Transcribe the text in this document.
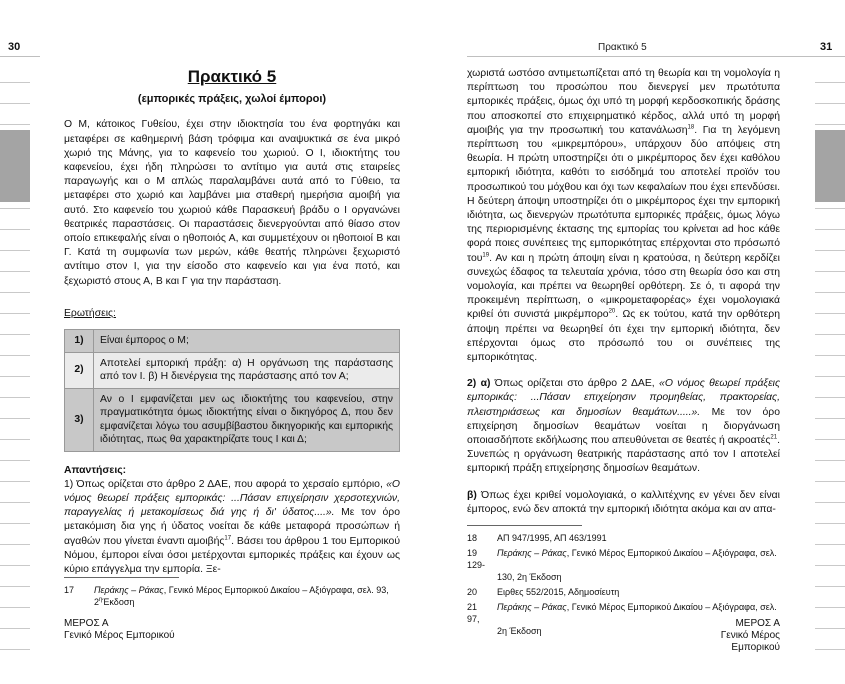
30	Πρακτικό 5	31
Πρακτικό 5
(εμπορικές πράξεις, χωλοί έμποροι)

Ο Μ, κάτοικος Γυθείου, έχει στην ιδιοκτησία του ένα φορτηγάκι και μεταφέρει σε καθημερινή βάση τρόφιμα και αναψυκτικά σε ένα μικρό χωριό της Μάνης, για το καφενείο του χωριού. Ο Ι, ιδιοκτήτης του καφενείου, έχει ήδη πληρώσει το αντίτιμο για αυτά στις εταιρείες παραγωγής και ο Μ απλώς παραλαμβάνει αυτά από το Γύθειο, τα μεταφέρει στο χωριό και λαμβάνει μια σταθερή ημερήσια αμοιβή για αυτό. Στο καφενείο του χωριού κάθε Παρασκευή βράδυ ο Ι οργανώνει θεατρικές παραστάσεις. Οι παραστάσεις διενεργούνται από θίασο στον οποίο επικεφαλής είναι ο ηθοποιός Α, και συμμετέχουν οι ηθοποιοί Β και Γ. Κατά τη συμφωνία των μερών, κάθε θεατής πληρώνει ξεχωριστό αντίτιμο στον Ι, για την είσοδο στο καφενείο και για ένα ποτό, και ξεχωριστό στους Α, Β και Γ για την παράσταση.

Ερωτήσεις:
1)	Είναι έμπορος ο Μ;
2)	Αποτελεί εμπορική πράξη: α) Η οργάνωση της παράστασης από τον Ι. β) Η διενέργεια της παράστασης από τον Α;
3)	Αν ο Ι εμφανίζεται μεν ως ιδιοκτήτης του καφενείου, στην πραγματικότητα όμως ιδιοκτήτης είναι ο δικηγόρος Δ, που δεν εμφανίζεται λόγω του ασυμβίβαστου δικηγορικής και εμπορικής ιδιότητας, πως θα χαρακτηρίζατε τους Ι και Δ;
Απαντήσεις:

1) Όπως ορίζεται στο άρθρο 2 ΔΑΕ, που αφορά το χερσαίο εμπόριο, «Ο νόμος θεωρεί πράξεις εμπορικάς: ...Πάσαν επιχείρησιν χερσοτεχνιών, παραγγελίας ή μετακομίσεως διά γης ή δι' ύδατος....». Με τον όρο μετακόμιση δια γης ή ύδατος νοείται δε κάθε μεταφορά προσώπων ή αγαθών που γίνεται έναντι αμοιβής$^{17}$. Βάσει του άρθρου 1 του Εμπορικού Νόμου, έμποροι είναι όσοι μετέρχονται εμπορικές πράξεις και έχουν ως κύριο επάγγελμα την εμπορία. Ξε-

17 Περάκης – Ράκας, Γενικό Μέρος Εμπορικού Δικαίου – Αξιόγραφα, σελ. 93,
$2^\eta Έ\kappa\delta o\sigma\eta$
ΜΕΡΟΣ Α
Γενικό Μέρος Εμπορικού

χωριστά ωστόσο αντιμετωπίζεται από τη θεωρία και τη νομολογία η περίπτωση του προσώπου που διενεργεί μεν πρωτότυπα εμπορικές πράξεις, όμως όχι υπό τη μορφή κερδοσκοπικής δράσης που αποσκοπεί στο επιχειρηματικό κέρδος, αλλά υπό τη μορφή αμοιβής για την προσωπική του κατανάλωση$^{18}$. Για τη λεγόμενη περίπτωση του «μικρεμπόρου», υπάρχουν δύο απόψεις στη θεωρία. Η πρώτη υποστηρίζει ότι ο μικρέμπορος δεν έχει καθόλου εμπορική ιδιότητα, καθότι το εισόδημά του αποτελεί προϊόν του προσωπικού του μόχθου και όχι των κεφαλαίων που έχει επενδύσει. Η δεύτερη άποψη υποστηρίζει ότι ο μικρέμπορος έχει την εμπορική ιδιότητα, ως διενεργών πρωτότυπα εμπορικές πράξεις, όμως λόγω της περιορισμένης έκτασης της εμπορίας του κρίνεται ad hoc κάθε φορά ποιες συνέπειες της εμπορικότητας επέρχονται στο πρόσωπό του$^{19}$. Αν και η πρώτη άποψη είναι η κρατούσα, η δεύτερη κερδίζει συνεχώς έδαφος τα τελευταία χρόνια, τόσο στη θεωρία όσο και στη νομολογία, και πρέπει να θεωρηθεί ορθότερη. Σε ό, τι αφορά την προκειμένη περίπτωση, ο «μικρομεταφορέας» έχει νομολογιακά κριθεί ότι συνιστά μικρέμπορο$^{20}$. Ως εκ τούτου, κατά την ορθότερη άποψη πρέπει να θεωρηθεί ότι έχει την εμπορική ιδιότητα, δεν επέρχονται όμως στο πρόσωπό του οι συνέπειες της εμπορικότητας.

2) α) Όπως ορίζεται στο άρθρο 2 ΔΑΕ, «Ο νόμος θεωρεί πράξεις εμπορικάς: ...Πάσαν επιχείρησιν προμηθείας, πρακτορείας, πλειστηριάσεως και δημοσίων θεαμάτων.....». Με τον όρο επιχείρηση δημοσίων θεαμάτων νοείται η διοργάνωση οποιασδήποτε εκδήλωσης που απευθύνεται σε θεατές ή ακροατές$^{21}$. Συνεπώς η οργάνωση θεατρικής παράστασης από τον Ι αποτελεί εμπορική πράξη επιχείρησης δημοσίων θεαμάτων.

β) Όπως έχει κριθεί νομολογιακά, ο καλλιτέχνης εν γένει δεν είναι έμπορος, ενώ δεν αποκτά την εμπορική ιδιότητα ακόμα και αν απα-

18 ΑΠ 947/1995, ΑΠ 463/1991
19 Περάκης – Ράκας, Γενικό Μέρος Εμπορικού Δικαίου – Αξιόγραφα, σελ. 129-
130, 2η Έκδοση
20 Ειρθες 552/2015, Αδημοσίευτη
21 Περάκης – Ράκας, Γενικό Μέρος Εμπορικού Δικαίου – Αξιόγραφα, σελ. 97,
2η Έκδοση
ΜΕΡΟΣ Α
Γενικό Μέρος Εμπορικού
